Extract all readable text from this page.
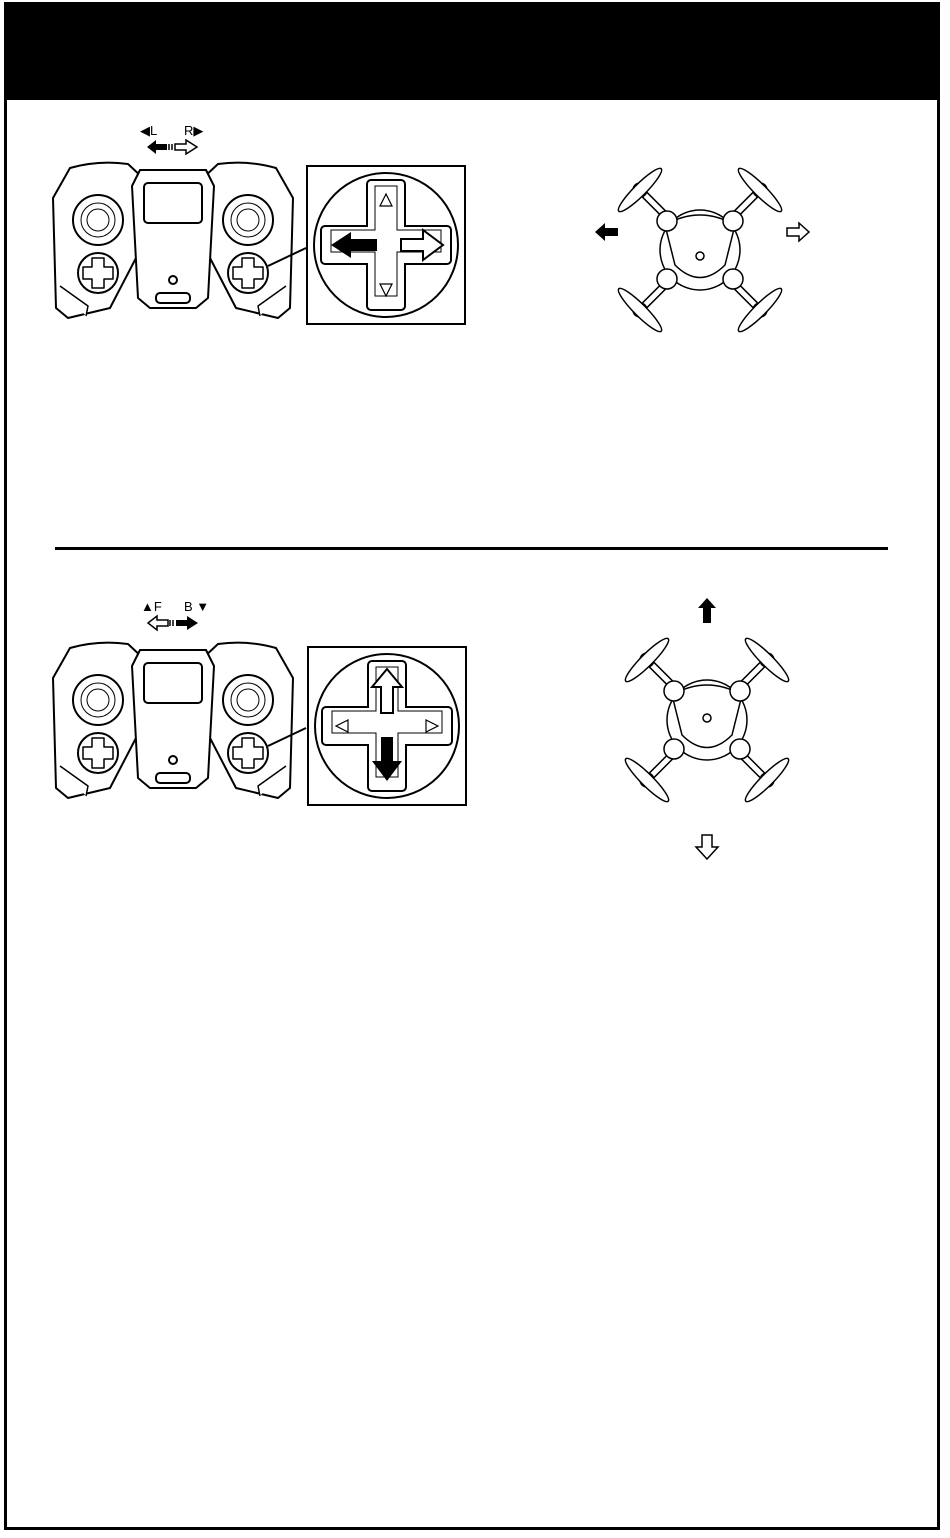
◀L R▶
▲F B ▼
